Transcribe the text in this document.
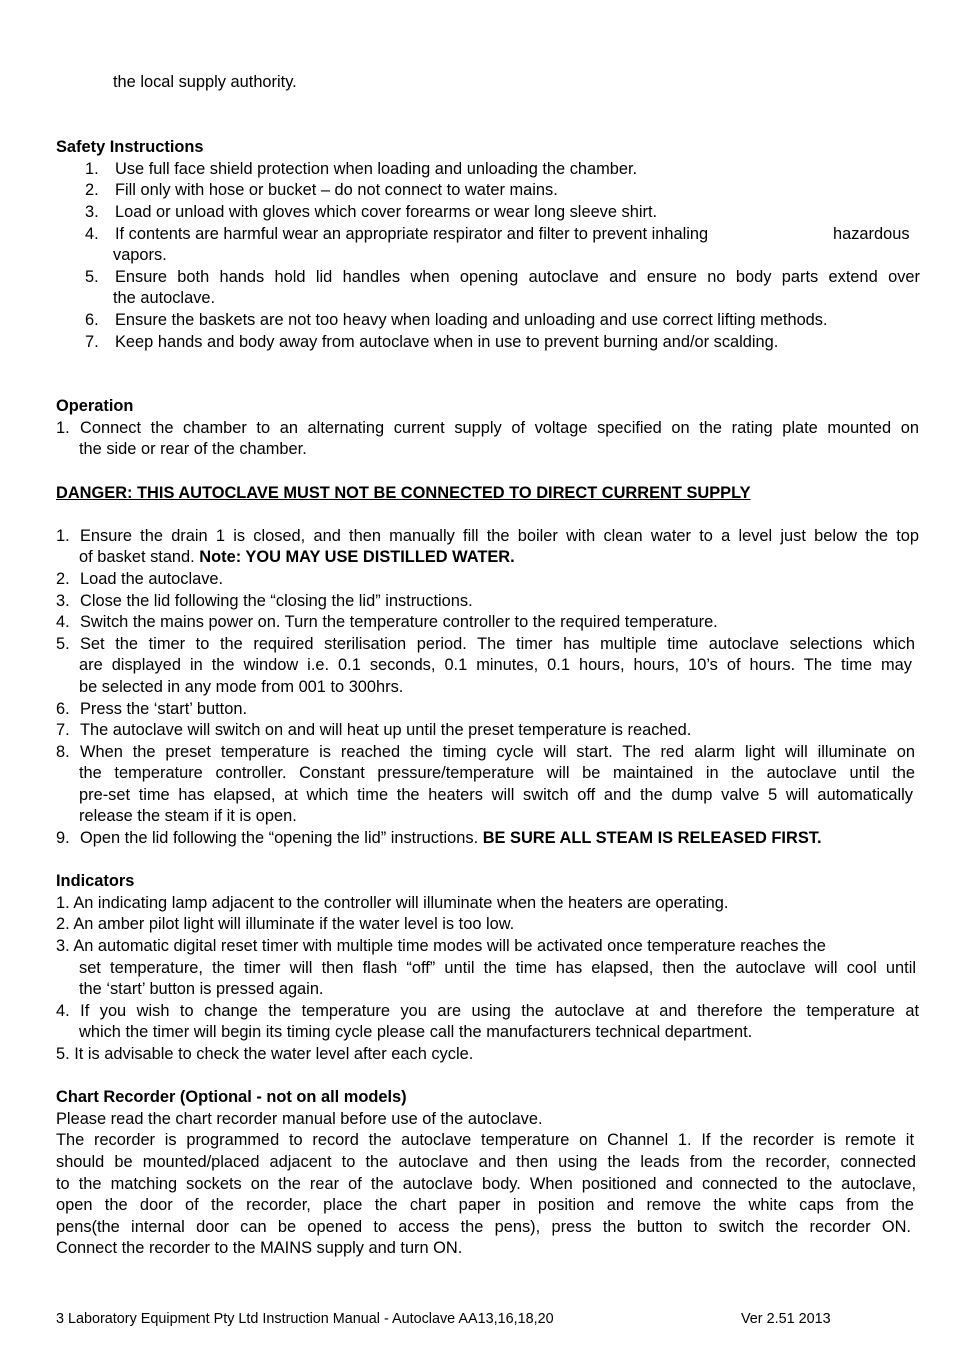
the local supply authority.
Safety Instructions
1. Use full face shield protection when loading and unloading the chamber.
2. Fill only with hose or bucket – do not connect to water mains.
3. Load or unload with gloves which cover forearms or wear long sleeve shirt.
4. If contents are harmful wear an appropriate respirator and filter to prevent inhaling	hazardous
vapors.
5. Ensure both hands hold lid handles when opening autoclave and ensure no body parts extend over
the autoclave.
6. Ensure the baskets are not too heavy when loading and unloading and use correct lifting methods.
7. Keep hands and body away from autoclave when in use to prevent burning and/or scalding.
Operation
1. Connect the chamber to an alternating current supply of voltage specified on the rating plate mounted on
the side or rear of the chamber.
DANGER: THIS AUTOCLAVE MUST NOT BE CONNECTED TO DIRECT CURRENT SUPPLY
1. Ensure the drain 1 is closed, and then manually fill the boiler with clean water to a level just below the top
of basket stand. Note: YOU MAY USE DISTILLED WATER.
2. Load the autoclave.
3. Close the lid following the “closing the lid” instructions.
4. Switch the mains power on. Turn the temperature controller to the required temperature.
5. Set the timer to the required sterilisation period. The timer has multiple time autoclave selections which
are displayed in the window i.e. 0.1 seconds, 0.1 minutes, 0.1 hours, hours, 10’s of hours. The time may
be selected in any mode from 001 to 300hrs.
6. Press the ‘start’ button.
7. The autoclave will switch on and will heat up until the preset temperature is reached.
8. When the preset temperature is reached the timing cycle will start. The red alarm light will illuminate on
the temperature controller. Constant pressure/temperature will be maintained in the autoclave until the
pre-set time has elapsed, at which time the heaters will switch off and the dump valve 5 will automatically
release the steam if it is open.
9. Open the lid following the “opening the lid” instructions. BE SURE ALL STEAM IS RELEASED FIRST.
Indicators
1. An indicating lamp adjacent to the controller will illuminate when the heaters are operating.
2. An amber pilot light will illuminate if the water level is too low.
3. An automatic digital reset timer with multiple time modes will be activated once temperature reaches the
set temperature, the timer will then flash “off” until the time has elapsed, then the autoclave will cool until
the ‘start’ button is pressed again.
4. If you wish to change the temperature you are using the autoclave at and therefore the temperature at
which the timer will begin its timing cycle please call the manufacturers technical department.
5. It is advisable to check the water level after each cycle.
Chart Recorder (Optional - not on all models)
Please read the chart recorder manual before use of the autoclave.
The recorder is programmed to record the autoclave temperature on Channel 1. If the recorder is remote it
should be mounted/placed adjacent to the autoclave and then using the leads from the recorder, connected
to the matching sockets on the rear of the autoclave body. When positioned and connected to the autoclave,
open the door of the recorder, place the chart paper in position and remove the white caps from the
pens(the internal door can be opened to access the pens), press the button to switch the recorder ON.
Connect the recorder to the MAINS supply and turn ON.
3 Laboratory Equipment Pty Ltd Instruction Manual - Autoclave AA13,16,18,20	Ver 2.51 2013
